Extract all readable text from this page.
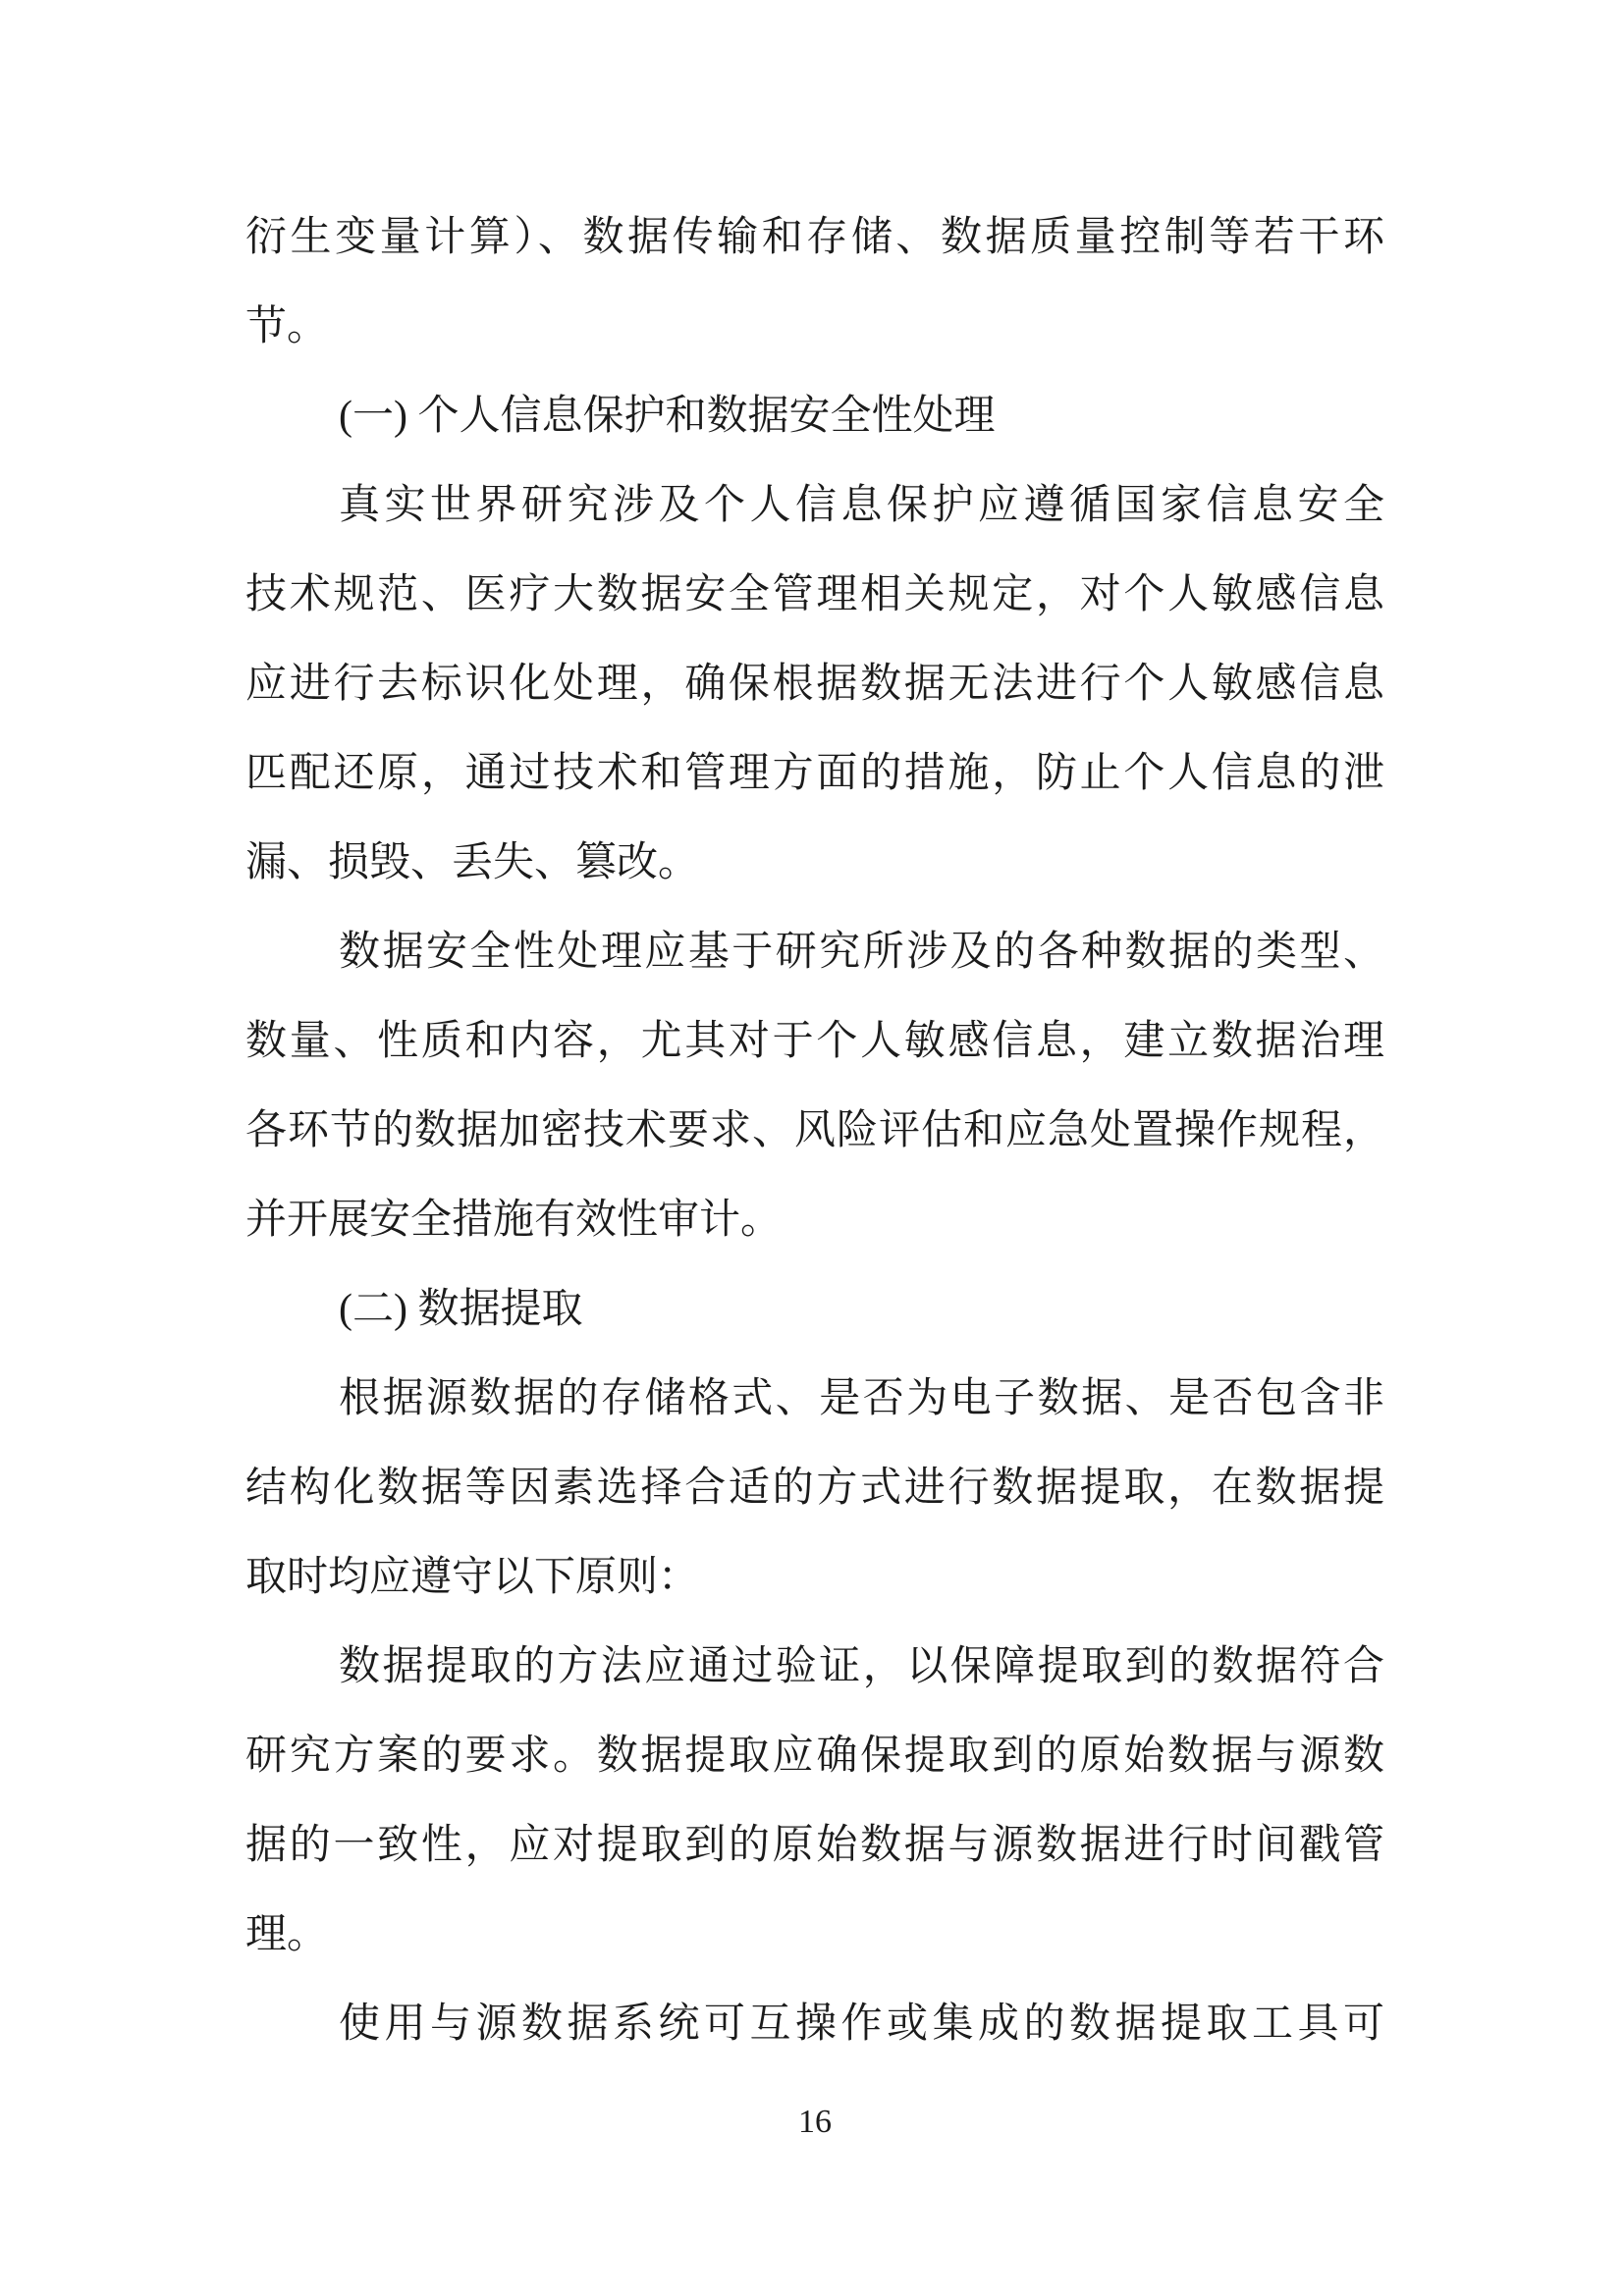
衍生变量计算）、数据传输和存储、数据质量控制等若干环
节。
(一) 个人信息保护和数据安全性处理
真实世界研究涉及个人信息保护应遵循国家信息安全
技术规范、医疗大数据安全管理相关规定，对个人敏感信息
应进行去标识化处理，确保根据数据无法进行个人敏感信息
匹配还原，通过技术和管理方面的措施，防止个人信息的泄
漏、损毁、丢失、篡改。
数据安全性处理应基于研究所涉及的各种数据的类型、
数量、性质和内容，尤其对于个人敏感信息，建立数据治理
各环节的数据加密技术要求、风险评估和应急处置操作规程，
并开展安全措施有效性审计。
(二) 数据提取
根据源数据的存储格式、是否为电子数据、是否包含非
结构化数据等因素选择合适的方式进行数据提取，在数据提
取时均应遵守以下原则：
数据提取的方法应通过验证，以保障提取到的数据符合
研究方案的要求。数据提取应确保提取到的原始数据与源数
据的一致性，应对提取到的原始数据与源数据进行时间戳管
理。
使用与源数据系统可互操作或集成的数据提取工具可
16
